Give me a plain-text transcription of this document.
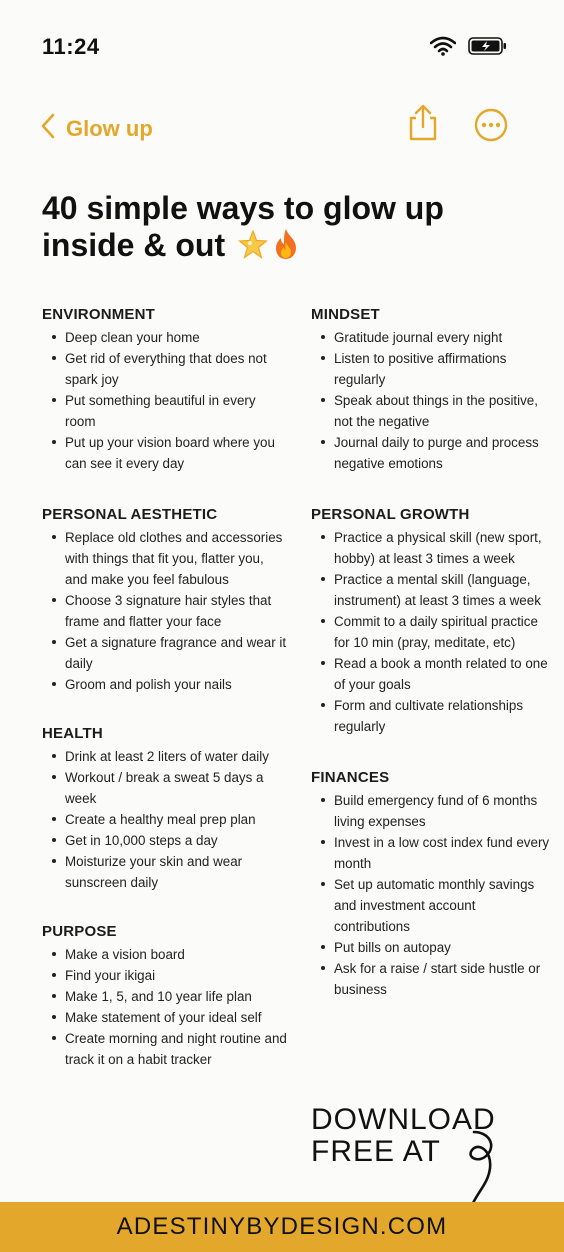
11:24
Glow up
40 simple ways to glow up inside & out
ENVIRONMENT
Deep clean your home
Get rid of everything that does not spark joy
Put something beautiful in every room
Put up your vision board where you can see it every day
PERSONAL AESTHETIC
Replace old clothes and accessories with things that fit you, flatter you, and make you feel fabulous
Choose 3 signature hair styles that frame and flatter your face
Get a signature fragrance and wear it daily
Groom and polish your nails
HEALTH
Drink at least 2 liters of water daily
Workout / break a sweat 5 days a week
Create a healthy meal prep plan
Get in 10,000 steps a day
Moisturize your skin and wear sunscreen daily
PURPOSE
Make a vision board
Find your ikigai
Make 1, 5, and 10 year life plan
Make statement of your ideal self
Create morning and night routine and track it on a habit tracker
MINDSET
Gratitude journal every night
Listen to positive affirmations regularly
Speak about things in the positive, not the negative
Journal daily to purge and process negative emotions
PERSONAL GROWTH
Practice a physical skill (new sport, hobby) at least 3 times a week
Practice a mental skill (language, instrument) at least 3 times a week
Commit to a daily spiritual practice for 10 min (pray, meditate, etc)
Read a book a month related to one of your goals
Form and cultivate relationships regularly
FINANCES
Build emergency fund of 6 months living expenses
Invest in a low cost index fund every month
Set up automatic monthly savings and investment account contributions
Put bills on autopay
Ask for a raise / start side hustle or business
DOWNLOAD
FREE AT
ADESTINYBYDESIGN.COM
